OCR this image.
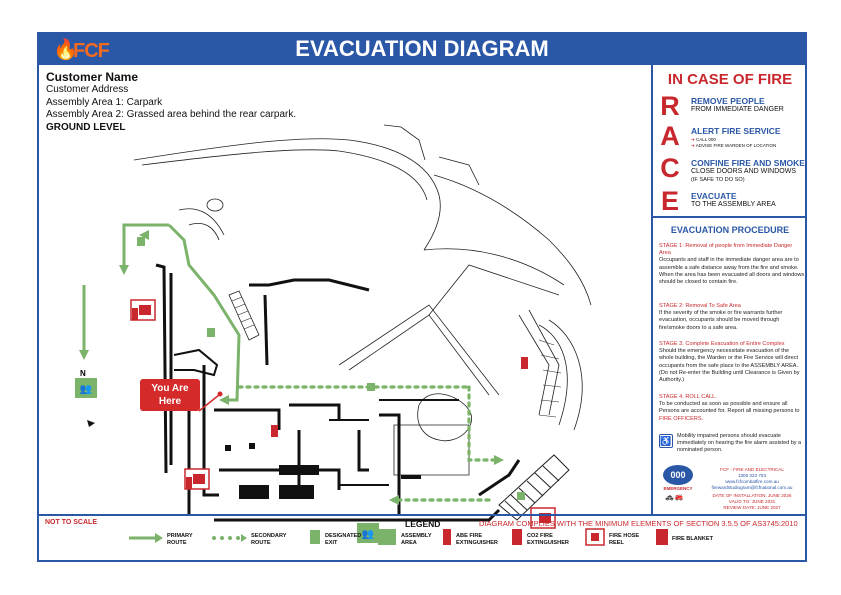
🔥
FCF	EVACUATION DIAGRAM
👥
👥
You Are
Here
N
Customer Name
Customer Address
Assembly Area 1: Carpark
Assembly Area 2: Grassed area behind the rear carpark.
GROUND LEVEL
IN CASE OF FIRE
R	REMOVE PEOPLE
FROM IMMEDIATE DANGER
A	ALERT FIRE SERVICE
➔ CALL 000
➔ ADVISE FIRE WARDEN OF LOCATION
C	CONFINE FIRE AND SMOKE
CLOSE DOORS AND WINDOWS
(IF SAFE TO DO SO)
E	EVACUATE
TO THE ASSEMBLY AREA
EVACUATION PROCEDURE
STAGE 1: Removal of people from Immediate Danger Area
Occupants and staff in the immediate danger area are to assemble a safe distance away from the fire and smoke. When the area has been evacuated all doors and windows should be closed to contain fire.
STAGE 2: Removal To Safe Area
If the severity of the smoke or fire warrants further evacuation, occupants should be moved through fire/smoke doors to a safe area.
STAGE 3. Complete Evacuation of Entire Complex
Should the emergency necessitate evacuation of the whole building, the Warden or the Fire Service will direct occupants from the safe place to the ASSEMBLY AREA. (Do not Re-enter the Building until Clearance is Given by Authority.)
STAGE 4. ROLL CALL.
To be conducted as soon as possible and ensure all Persons are accounted for. Report all missing persons to FIRE OFFICERS.
♿ Mobility impaired persons should evacuate immediately on hearing the fire alarm assisted by a nominated person.
000
EMERGENCY
🚓🚒
FCF - FIRE AND ELECTRICAL
1300 323 753
www.fcfcombatfire.com.au
firewardstudiogram@fcfnational.com.au
DATE OF INSTALLATION: JUNE 2026
VALID TO: JUNE 2031
REVIEW DATE: JUNE 2027
NOT TO SCALE	LEGEND	DIAGRAM COMPLIES WITH THE MINIMUM ELEMENTS OF SECTION 3.5.5 OF AS3745:2010
PRIMARY
ROUTE
SECONDARY
ROUTE
DESIGNATED
EXIT
ASSEMBLY
AREA
ABE FIRE
EXTINGUISHER
CO2 FIRE
EXTINGUISHER
FIRE HOSE
REEL
FIRE BLANKET
